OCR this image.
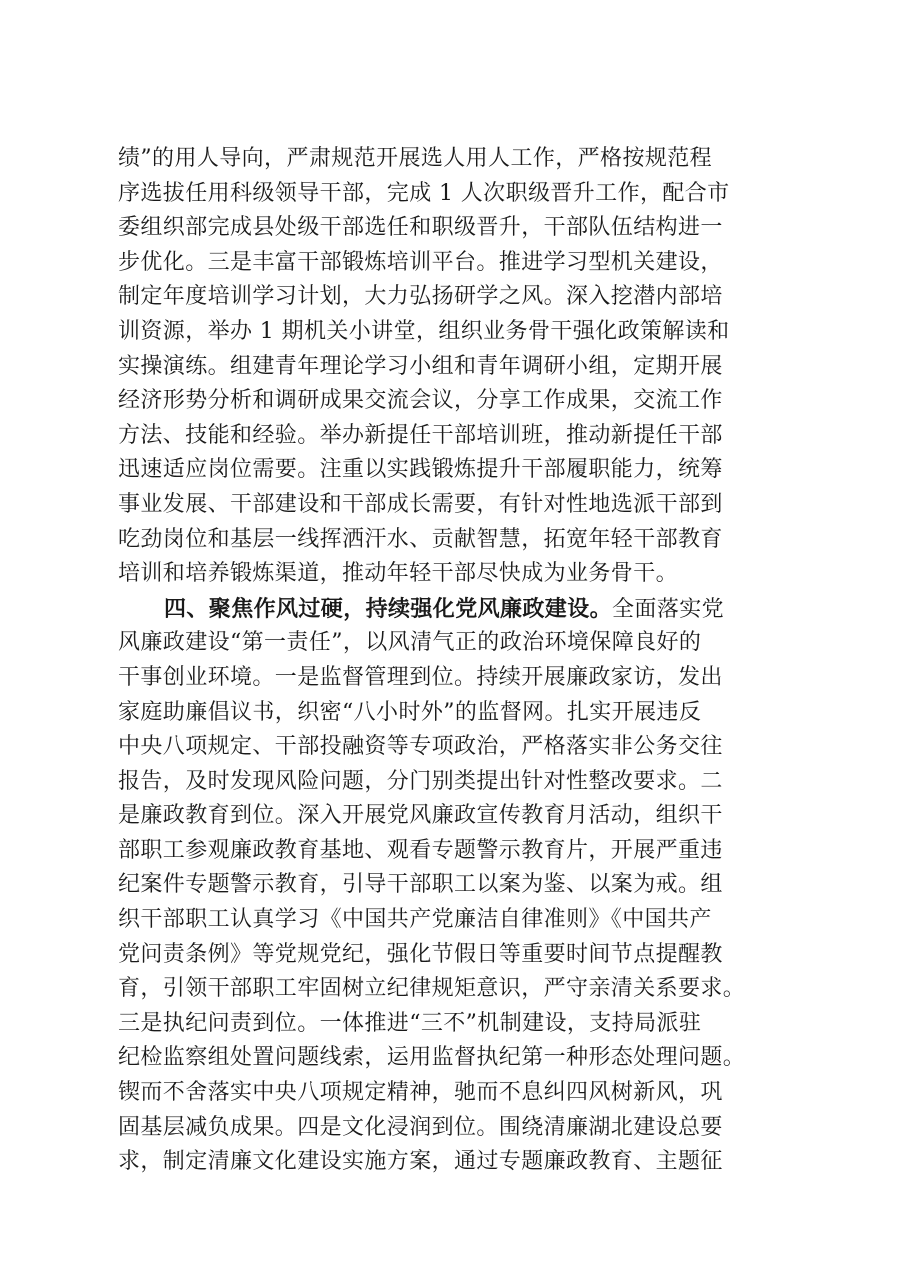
绩”的用人导向，严肃规范开展选人用人工作，严格按规范程
序选拔任用科级领导干部，完成 1 人次职级晋升工作，配合市
委组织部完成县处级干部选任和职级晋升，干部队伍结构进一
步优化。三是丰富干部锻炼培训平台。推进学习型机关建设，
制定年度培训学习计划，大力弘扬研学之风。深入挖潜内部培
训资源，举办 1 期机关小讲堂，组织业务骨干强化政策解读和
实操演练。组建青年理论学习小组和青年调研小组，定期开展
经济形势分析和调研成果交流会议，分享工作成果，交流工作
方法、技能和经验。举办新提任干部培训班，推动新提任干部
迅速适应岗位需要。注重以实践锻炼提升干部履职能力，统筹
事业发展、干部建设和干部成长需要，有针对性地选派干部到
吃劲岗位和基层一线挥洒汗水、贡献智慧，拓宽年轻干部教育
培训和培养锻炼渠道，推动年轻干部尽快成为业务骨干。
四、聚焦作风过硬，持续强化党风廉政建设。全面落实党
风廉政建设“第一责任”，以风清气正的政治环境保障良好的
干事创业环境。一是监督管理到位。持续开展廉政家访，发出
家庭助廉倡议书，织密“八小时外”的监督网。扎实开展违反
中央八项规定、干部投融资等专项政治，严格落实非公务交往
报告，及时发现风险问题，分门别类提出针对性整改要求。二
是廉政教育到位。深入开展党风廉政宣传教育月活动，组织干
部职工参观廉政教育基地、观看专题警示教育片，开展严重违
纪案件专题警示教育，引导干部职工以案为鉴、以案为戒。组
织干部职工认真学习《中国共产党廉洁自律准则》《中国共产
党问责条例》等党规党纪，强化节假日等重要时间节点提醒教
育，引领干部职工牢固树立纪律规矩意识，严守亲清关系要求。
三是执纪问责到位。一体推进“三不”机制建设，支持局派驻
纪检监察组处置问题线索，运用监督执纪第一种形态处理问题。
锲而不舍落实中央八项规定精神，驰而不息纠四风树新风，巩
固基层减负成果。四是文化浸润到位。围绕清廉湖北建设总要
求，制定清廉文化建设实施方案，通过专题廉政教育、主题征
